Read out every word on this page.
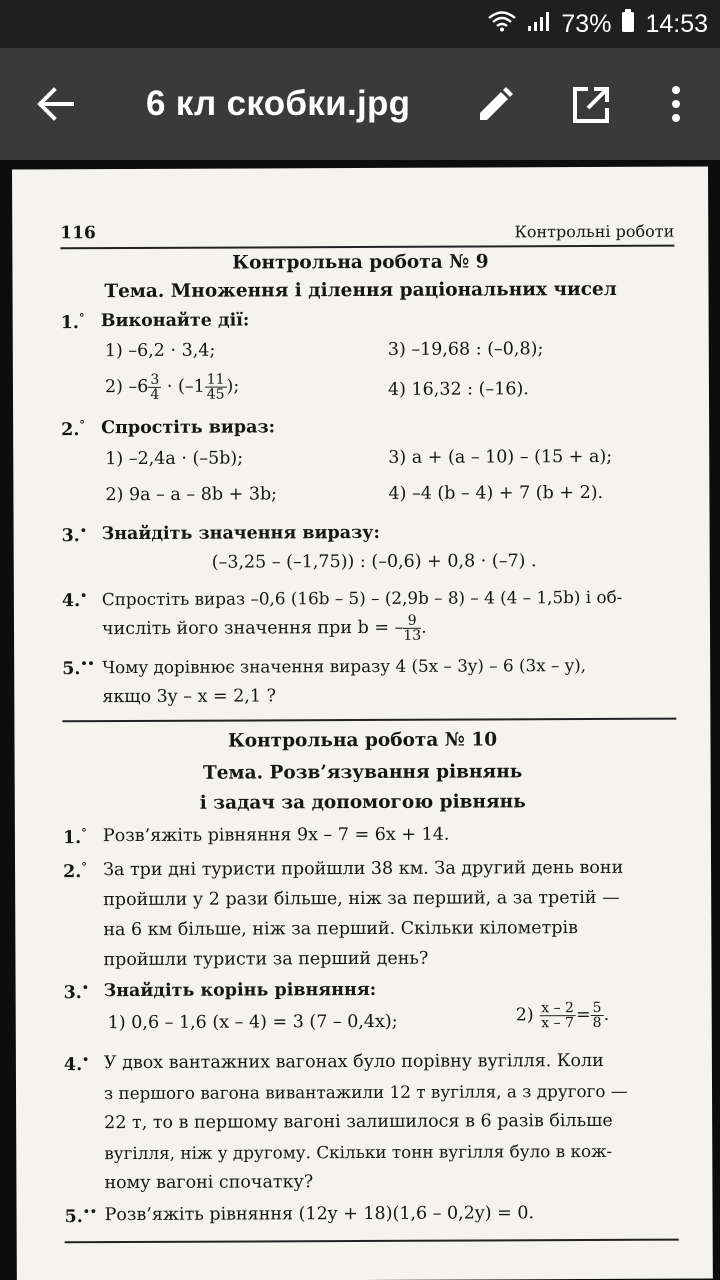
73% 14:53
6 кл скобки.jpg
116	Контрольні роботи
Контрольна робота № 9
Тема. Множення і ділення раціональних чисел
1.° Виконайте дії:
1) –6,2 · 3,4;	3) –19,68 : (–0,8);
2) $-6 \frac{3}{4} \cdot (-1 \frac{11}{45}$ );	4) 16,32 : (–16).
2.° Спростіть вираз:
1) –2,4a · (–5b);	3) a + (a – 10) – (15 + a);
2) 9a – a – 8b + 3b;	4) –4 (b – 4) + 7 (b + 2).
3.• Знайдіть значення виразу:
(–3,25 – (–1,75)) : (–0,6) + 0,8 · (–7) .
4.• Спростіть вираз –0,6 (16b – 5) – (2,9b – 8) – 4 (4 – 1,5b) і об-
числіть його значення при b = – $\frac{9}{13}$ .
5.•• Чому дорівнює значення виразу 4 (5x – 3y) – 6 (3x – y),
якщо 3y – x = 2,1 ?
Контрольна робота № 10
Тема. Розв’язування рівнянь
і задач за допомогою рівнянь
1.° Розв’яжіть рівняння 9x – 7 = 6x + 14.
2.° За три дні туристи пройшли 38 км. За другий день вони
пройшли у 2 рази більше, ніж за перший, а за третій —
на 6 км більше, ніж за перший. Скільки кілометрів
пройшли туристи за перший день?
3.• Знайдіть корінь рівняння:
1) 0,6 – 1,6 (x – 4) = 3 (7 – 0,4x);	$2) \frac{x - 2}{x - 7} = \frac{5}{8}$ .
4.• У двох вантажних вагонах було порівну вугілля. Коли
з першого вагона вивантажили 12 т вугілля, а з другого —
22 т, то в першому вагоні залишилося в 6 разів більше
вугілля, ніж у другому. Скільки тонн вугілля було в кож-
ному вагоні спочатку?
5.•• Розв’яжіть рівняння (12y + 18)(1,6 – 0,2y) = 0.
